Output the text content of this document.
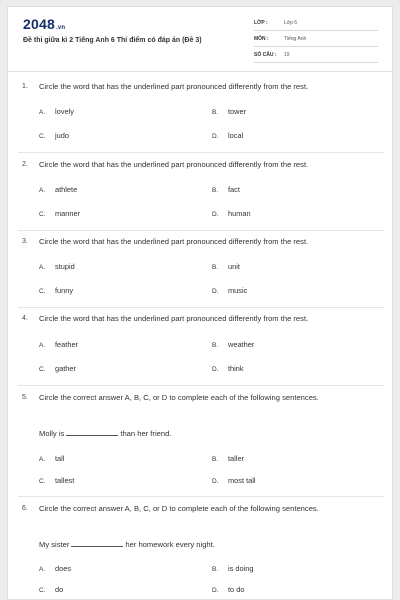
2048.vn
Đề thi giữa kì 2 Tiếng Anh 6 Thí điểm có đáp án (Đề 3)
LỚP :	Lớp 6
MÔN :	Tiếng Anh
SỐ CÂU : 19
1. Circle the word that has the underlined part pronounced differently from the rest.
A. lovely	B. tower
C. judo	D. local
2. Circle the word that has the underlined part pronounced differently from the rest.
A. athlete	B. fact
C. manner	D. human
3. Circle the word that has the underlined part pronounced differently from the rest.
A. stupid	B. unit
C. funny	D. music
4. Circle the word that has the underlined part pronounced differently from the rest.
A. feather	B. weather
C. gather	D. think
5. Circle the correct answer A, B, C, or D to complete each of the following sentences.
Molly is	than her friend.
A. tall	B. taller
C. tallest	D. most tall
6. Circle the correct answer A, B, C, or D to complete each of the following sentences.
My sister	her homework every night.
A. does	B. is doing
C. do	D. to do
